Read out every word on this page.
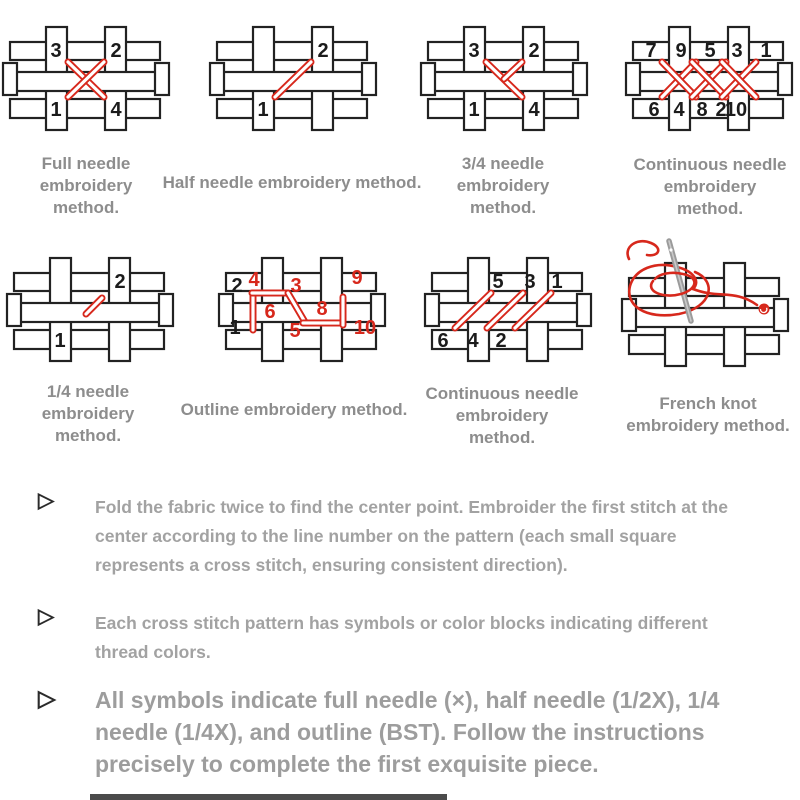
3 2
1 4
Full needle
embroidery
method.
2
1
Half needle embroidery method.
3 2
1 4
3/4 needle
embroidery
method.
7 9 5 3 1
6 4 8 2
10
Continuous needle
embroidery
method.
2
1
1/4 needle
embroidery
method.
2
1
4 3 9
6 8
5	10
Outline embroidery method.
5 3 1
6 4 2
Continuous needle
embroidery
method.
French knot
embroidery method.
▷ Fold the fabric twice to find the center point. Embroider the first stitch at the
center according to the line number on the pattern (each small square
represents a cross stitch, ensuring consistent direction).
▷ Each cross stitch pattern has symbols or color blocks indicating different
thread colors.
▷ All symbols indicate full needle (×), half needle (1/2X), 1/4
needle (1/4X), and outline (BST). Follow the instructions
precisely to complete the first exquisite piece.
